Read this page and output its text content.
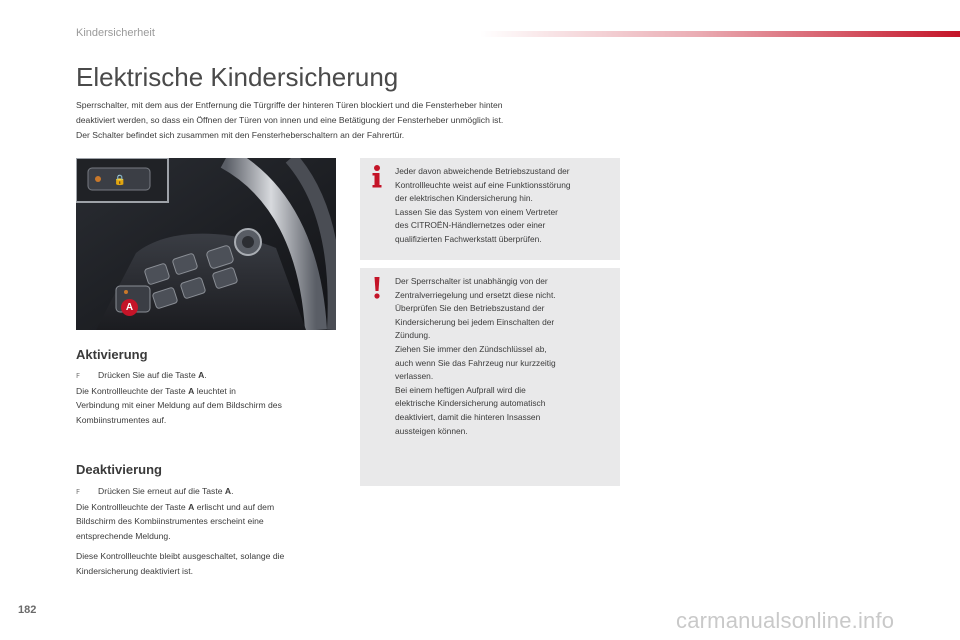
Kindersicherheit
Elektrische Kindersicherung

Sperrschalter, mit dem aus der Entfernung die Türgriffe der hinteren Türen blockiert und die Fensterheber hinten

deaktiviert werden, so dass ein Öffnen der Türen von innen und eine Betätigung der Fensterheber unmöglich ist.

Der Schalter befindet sich zusammen mit den Fensterheberschaltern an der Fahrertür.

🔒
A
Aktivierung

F Drücken Sie auf die Taste A.

Die Kontrollleuchte der Taste A leuchtet in

Verbindung mit einer Meldung auf dem Bildschirm des

Kombiinstrumentes auf.

Deaktivierung

F Drücken Sie erneut auf die Taste A.

Die Kontrollleuchte der Taste A erlischt und auf dem

Bildschirm des Kombiinstrumentes erscheint eine

entsprechende Meldung.

Diese Kontrollleuchte bleibt ausgeschaltet, solange die

Kindersicherung deaktiviert ist.

Jeder davon abweichende Betriebszustand der

Kontrollleuchte weist auf eine Funktionsstörung

der elektrischen Kindersicherung hin.

Lassen Sie das System von einem Vertreter

des CITROËN-Händlernetzes oder einer

qualifizierten Fachwerkstatt überprüfen.

Der Sperrschalter ist unabhängig von der

Zentralverriegelung und ersetzt diese nicht.

Überprüfen Sie den Betriebszustand der

Kindersicherung bei jedem Einschalten der

Zündung.

Ziehen Sie immer den Zündschlüssel ab,

auch wenn Sie das Fahrzeug nur kurzzeitig

verlassen.

Bei einem heftigen Aufprall wird die

elektrische Kindersicherung automatisch

deaktiviert, damit die hinteren Insassen

aussteigen können.

182	carmanualsonline.info
